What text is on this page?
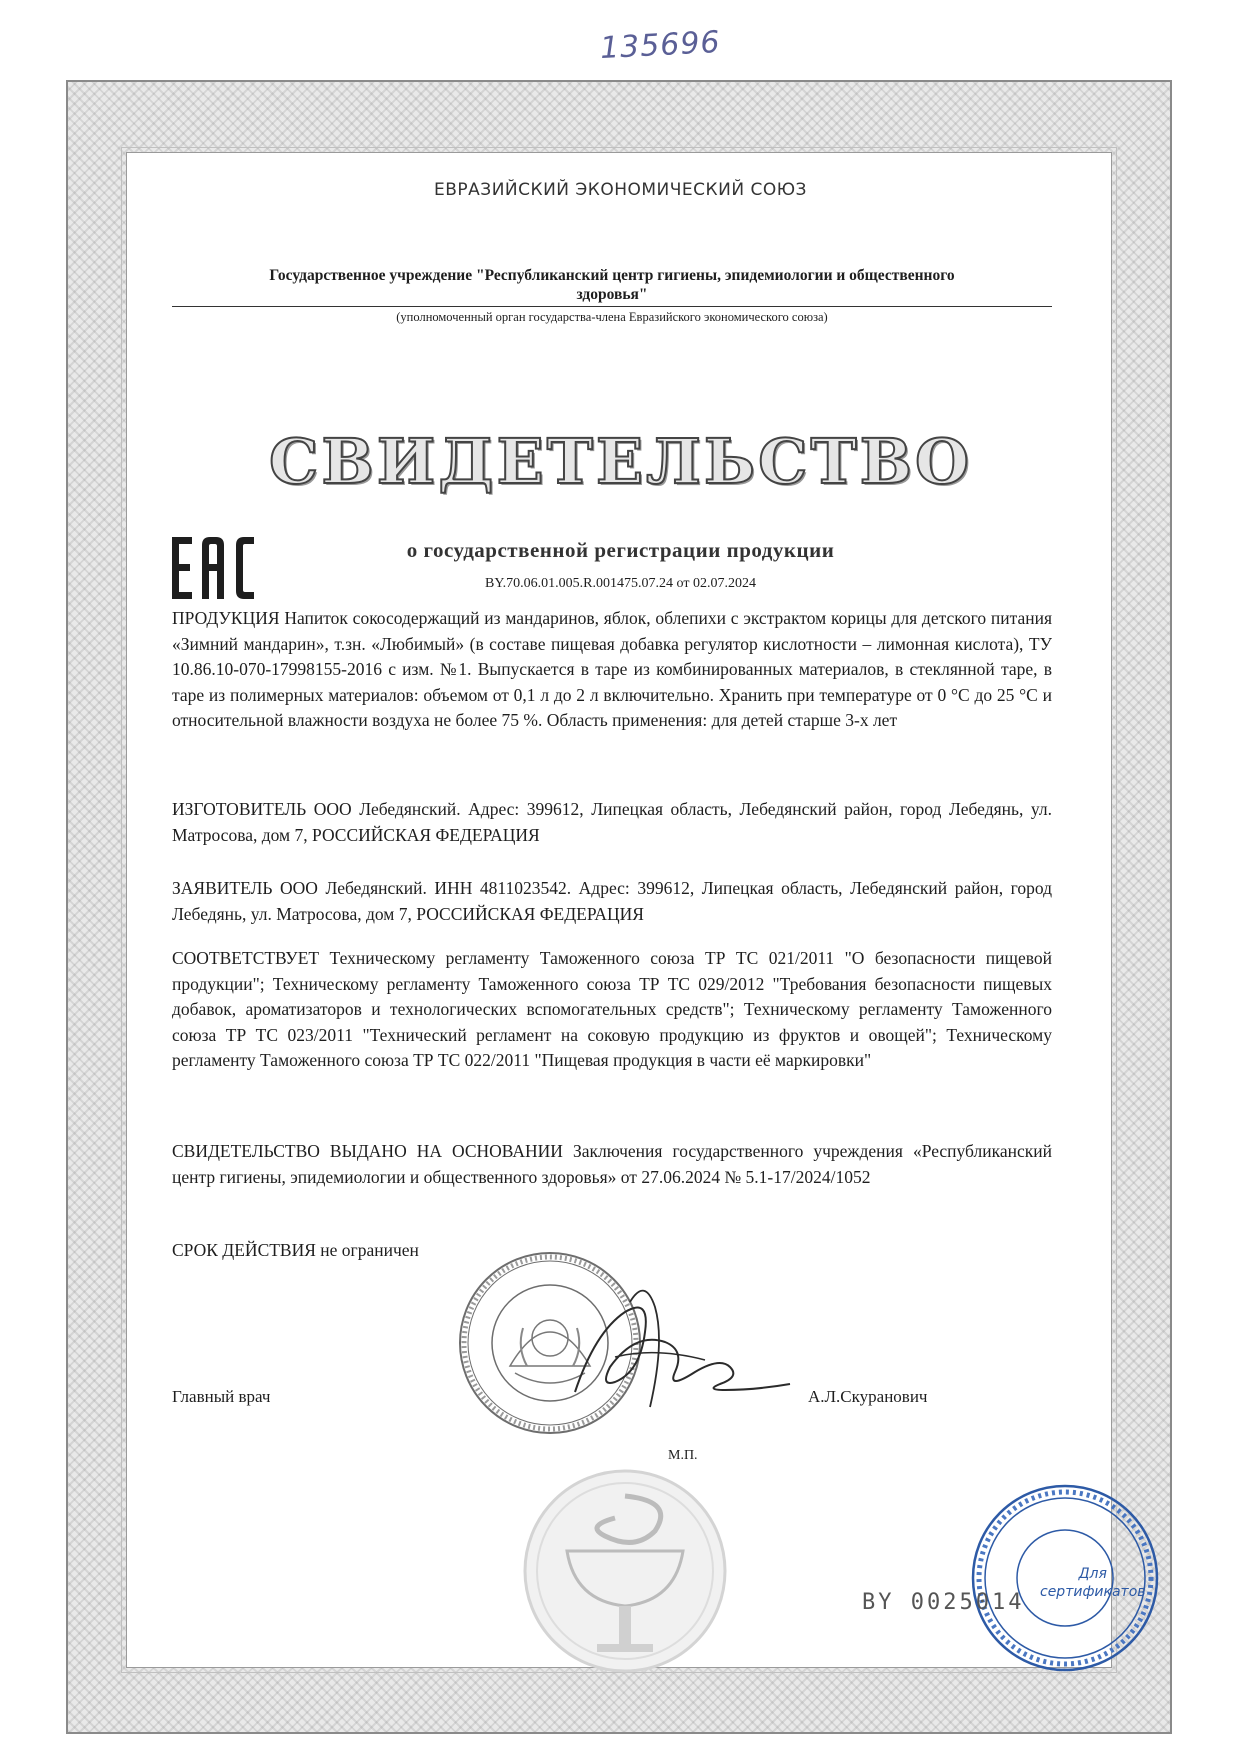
135696
ЕВРАЗИЙСКИЙ ЭКОНОМИЧЕСКИЙ СОЮЗ
Государственное учреждение "Республиканский центр гигиены, эпидемиологии и общественного
здоровья"
(уполномоченный орган государства-члена Евразийского экономического союза)
СВИДЕТЕЛЬСТВО
о государственной регистрации продукции
BY.70.06.01.005.R.001475.07.24 от 02.07.2024
ПРОДУКЦИЯ Напиток сокосодержащий из мандаринов, яблок, облепихи с экстрактом корицы для детского питания «Зимний мандарин», т.зн. «Любимый» (в составе пищевая добавка регулятор кислотности – лимонная кислота), ТУ 10.86.10-070-17998155-2016 с изм. №1. Выпускается в таре из комбинированных материалов, в стеклянной таре, в таре из полимерных материалов: объемом от 0,1 л до 2 л включительно. Хранить при температуре от 0 °С до 25 °С и относительной влажности воздуха не более 75 %. Область применения: для детей старше 3-х лет
ИЗГОТОВИТЕЛЬ ООО Лебедянский. Адрес: 399612, Липецкая область, Лебедянский район, город Лебедянь, ул. Матросова, дом 7, РОССИЙСКАЯ ФЕДЕРАЦИЯ
ЗАЯВИТЕЛЬ ООО Лебедянский. ИНН 4811023542. Адрес: 399612, Липецкая область, Лебедянский район, город Лебедянь, ул. Матросова, дом 7, РОССИЙСКАЯ ФЕДЕРАЦИЯ
СООТВЕТСТВУЕТ Техническому регламенту Таможенного союза ТР ТС 021/2011 "О безопасности пищевой продукции"; Техническому регламенту Таможенного союза ТР ТС 029/2012 "Требования безопасности пищевых добавок, ароматизаторов и технологических вспомогательных средств"; Техническому регламенту Таможенного союза ТР ТС 023/2011 "Технический регламент на соковую продукцию из фруктов и овощей"; Техническому регламенту Таможенного союза ТР ТС 022/2011 "Пищевая продукция в части её маркировки"
СВИДЕТЕЛЬСТВО ВЫДАНО НА ОСНОВАНИИ Заключения государственного учреждения «Республиканский центр гигиены, эпидемиологии и общественного здоровья» от 27.06.2024 № 5.1-17/2024/1052
СРОК ДЕЙСТВИЯ не ограничен
Главный врач	А.Л.Скуранович
М.П.
Для
сертификатов
BY 0025014
